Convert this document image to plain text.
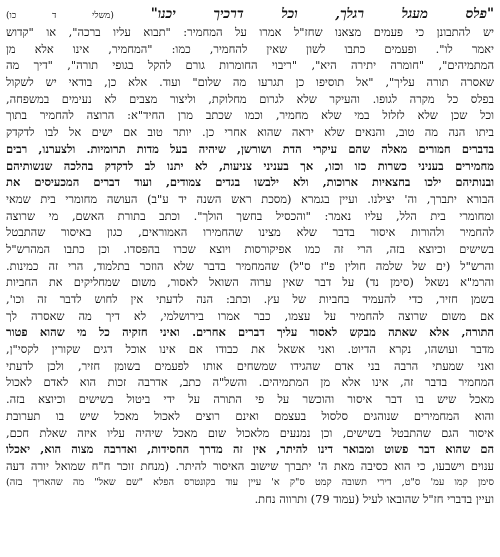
"פלס מעגל רגלך, וכל דרכיך יכנו" (משלי ד כו)
יש להתבונן כי פעמים מצאנו שחז"ל אמרו על המחמיר: "תבוא עליו ברכה", או "קדוש
יאמר לו". ופעמים כתבו לשון שאין להחמיר, כמו: "המחמיר, אינו אלא מן
המתמיהים", "חומרה יתירה היא", "ריבוי החומרות גורם להקל בגופי תורה", "דיך מה
שאסרה תורה עליך", "אל תוסיפו כן תגרעו מה שלום" ועוד. אלא כן, בודאי יש לשקול
בפלס כל מקרה לגופו. והעיקר שלא לגרום מחלוקת, וליצור מצבים לא נעימים במשפחה,
וכל שכן שלא לזלזל במי שלא מחמיר, וכמו שכתב מרן החיד"א: הרוצה להחמיר בתוך
ביתו הנה מה טוב, והנאים שלא יראה שהוא אחרי כן. יותר טוב אם ישים אל לבו לדקדק
בדברים חמורים מאלה שהם עיקרי הדת ושורשן, שיהיה בעל מדות תרומיות. ולצערנו, רבים
מחמירים בעניני כשרות כזו וכזו, אך בעניני צניעות, לא יתנו לב לדקדק בהלכה שנשותיהם
ובנותיהם ילכו בחצאיות ארוכות, ולא ילבשו בגדים צמודים, ועוד דברים המכעיסים את
הבורא יתברך, וה' יצילנו. ועיין בגמרא (מסכת ראש השנה יד ע"ב) העושה מחומרי בית שמאי
ומחומרי בית הלל, עליו נאמר: "והכסיל בחשך הולך". וכתב בתורת האשם, מי שרוצה
להחמיר ולהורות איסור בדבר שלא מצינו שהחמירו האמוראים, כגון באיסור שהתבטל
בשישים וכיוצא בזה, הרי זה כמו אפיקורסות ויוצא שכרו בהפסדו. וכן כתבו המהרש"ל
והרש"ל (ים של שלמה חולין פ"ז ס"ל) שהמחמיר בדבר שלא הוזכר בתלמוד, הרי זה כמינות.
והרמ"א נשאל (סימן נד) על דבר שאין ערוה השואל לאסור, משום שמחליקים את החביות
בשמן חזיר, כדי להעמיד בחביות של עץ. וכתב: הנה לדעתי אין לחוש לדבר זה וכו',
אם משום שרוצה להחמיר על עצמו, כבר אמרו בירושלמי, לא דיך מה שאסרה לך
התורה, אלא שאתה מבקש לאסור עליך דברים אחרים. ואיני חזקיה כל מי שהוא פטור
מדבר ועושהו, נקרא הדיוט. ואני אשאל את כבודו אם אינו אוכל דגים שקורין לקסי"ן,
ואני שמעתי הרבה בני אדם שהגידו שמשחים אותו לפעמים בשומן חזיר, ולכן לדעתי
המחמיר בדבר זה, אינו אלא מן המתמיהים. והשל"ה כתב, אדרבה זכות הוא לאדם לאכול
מאכל שיש בו דבר איסור והוכשר על פי התורה על ידי ביטול בשישים וכיוצא בזה.
והוא המחמירים שנוהגים סלסול בעצמם ואינם רוצים לאכול מאכל שיש בו תערובת
איסור הגם שהתבטל בשישים, וכן נמנעים מלאכול שום מאכל שיהיה עליו איזה שאלת חכם,
הם שהוא דבר פשוט ומבואר דינו להיתר, אין זה מדרך החסידות, ואדרבה מצוה הוא, יאכלו
ענוים וישבעו, כי הוא כסיבה מאת ה' יתברך שישוב האיסור להיתר. (מנחת זוכר ח"ח שמואל יורה דעה
סימן קמו עמ' ס"ט, דירי תשובה קמט ס"ק א' עיין עוד בקונטרס הפלא "שם שאל" מה שהאריך בזה)
ועיין בדברי חז"ל שהובאו לעיל (עמוד 79) ותרווה נחת.
